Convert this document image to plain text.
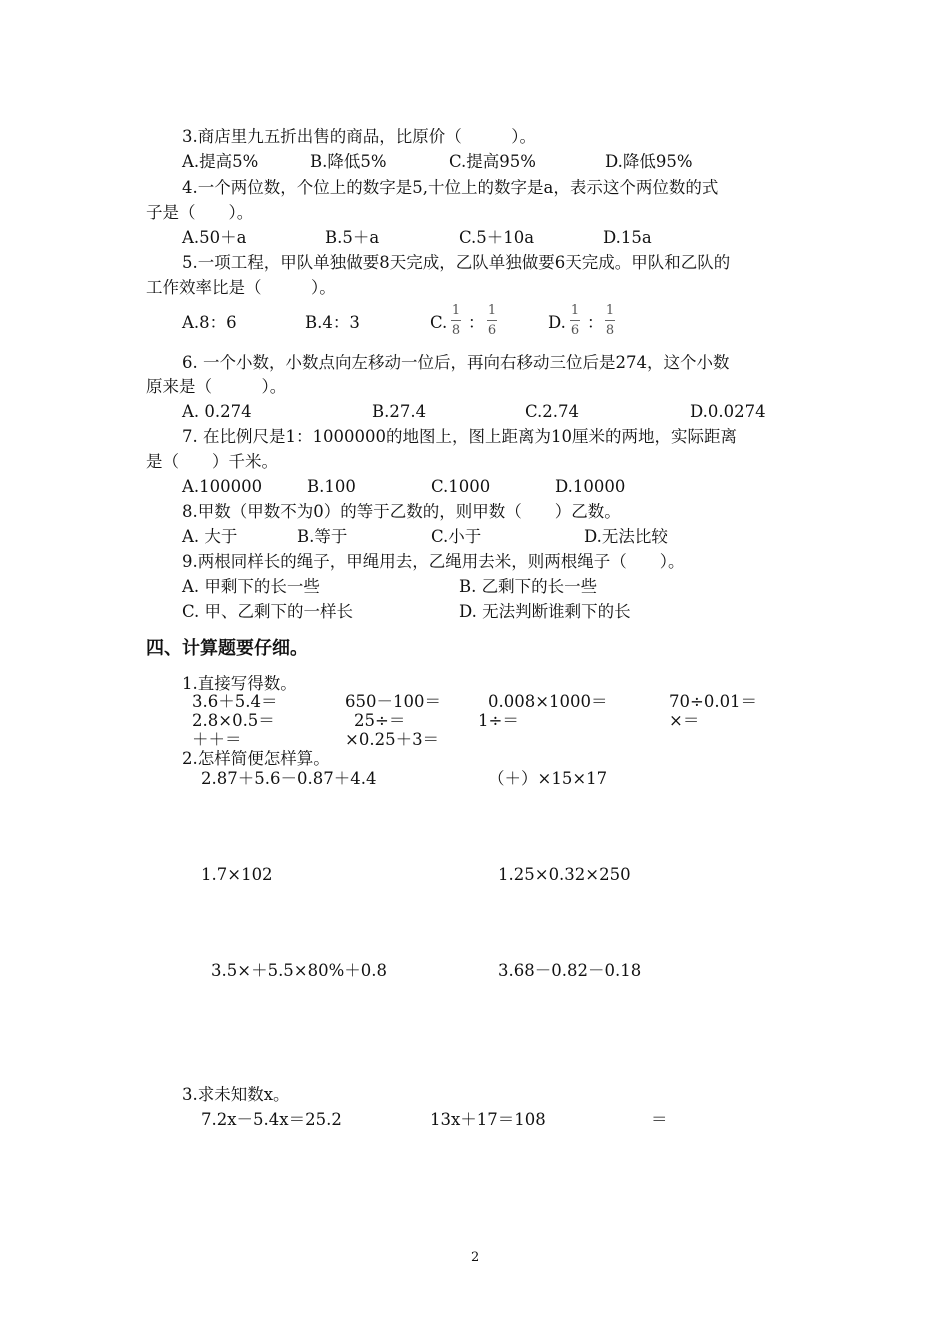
3.商店里九五折出售的商品，比原价（　　　）。
A.提高5%	B.降低5%	C.提高95%	D.降低95%
4.一个两位数，个位上的数字是5,十位上的数字是a，表示这个两位数的式
子是（　　）。
A.50＋a	B.5＋a	C.5＋10a	D.15a
5.一项工程，甲队单独做要8天完成，乙队单独做要6天完成。甲队和乙队的
工作效率比是（　　　）。
A.8：6	B.4：3	C.
1
8 ：
1
6	D.
1
6 ：
1
8
6. 一个小数，小数点向左移动一位后，再向右移动三位后是274，这个小数
原来是（　　　）。
A. 0.274	B.27.4	C.2.74	D.0.0274
7. 在比例尺是1：1000000的地图上，图上距离为10厘米的两地，实际距离
是（　　）千米。
A.100000	B.100	C.1000	D.10000
8.甲数（甲数不为0）的等于乙数的，则甲数（　　）乙数。
A. 大于	B.等于	C.小于	D.无法比较
9.两根同样长的绳子，甲绳用去，乙绳用去米，则两根绳子（　　）。
A. 甲剩下的长一些	B. 乙剩下的长一些
C. 甲、乙剩下的一样长	D. 无法判断谁剩下的长
四、计算题要仔细。
1.直接写得数。
3.6＋5.4＝	650－100＝	0.008×1000＝	70÷0.01＝
2.8×0.5＝	25÷＝	1÷＝	×＝
＋＋＝	×0.25＋3＝
2.怎样简便怎样算。
2.87＋5.6－0.87＋4.4	（＋）×15×17
1.7×102	1.25×0.32×250
3.5×＋5.5×80%＋0.8	3.68－0.82－0.18
3.求未知数x。
7.2x－5.4x＝25.2	13x＋17＝108	＝
2
